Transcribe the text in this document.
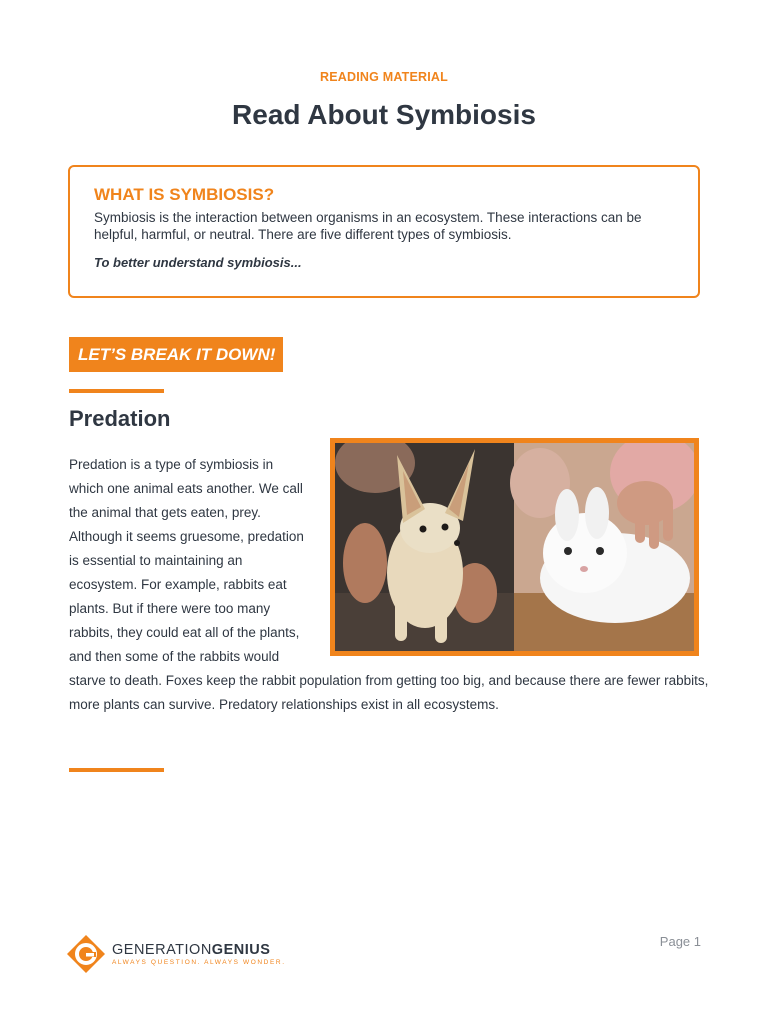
READING MATERIAL
Read About Symbiosis
WHAT IS SYMBIOSIS?
Symbiosis is the interaction between organisms in an ecosystem. These interactions can be helpful, harmful, or neutral. There are five different types of symbiosis.
To better understand symbiosis...
LET’S BREAK IT DOWN!
Predation

Predation is a type of symbiosis in which one animal eats another. We call the animal that gets eaten, prey. Although it seems gruesome, predation is essential to maintaining an ecosystem. For example, rabbits eat plants. But if there were too many rabbits, they could eat all of the plants, and then some of the rabbits would starve to death. Foxes keep the rabbit population from getting too big, and because there are fewer rabbits, more plants can survive. Predatory relationships exist in all ecosystems.

GENERATIONGENIUS
ALWAYS QUESTION. ALWAYS WONDER.
Page 1
